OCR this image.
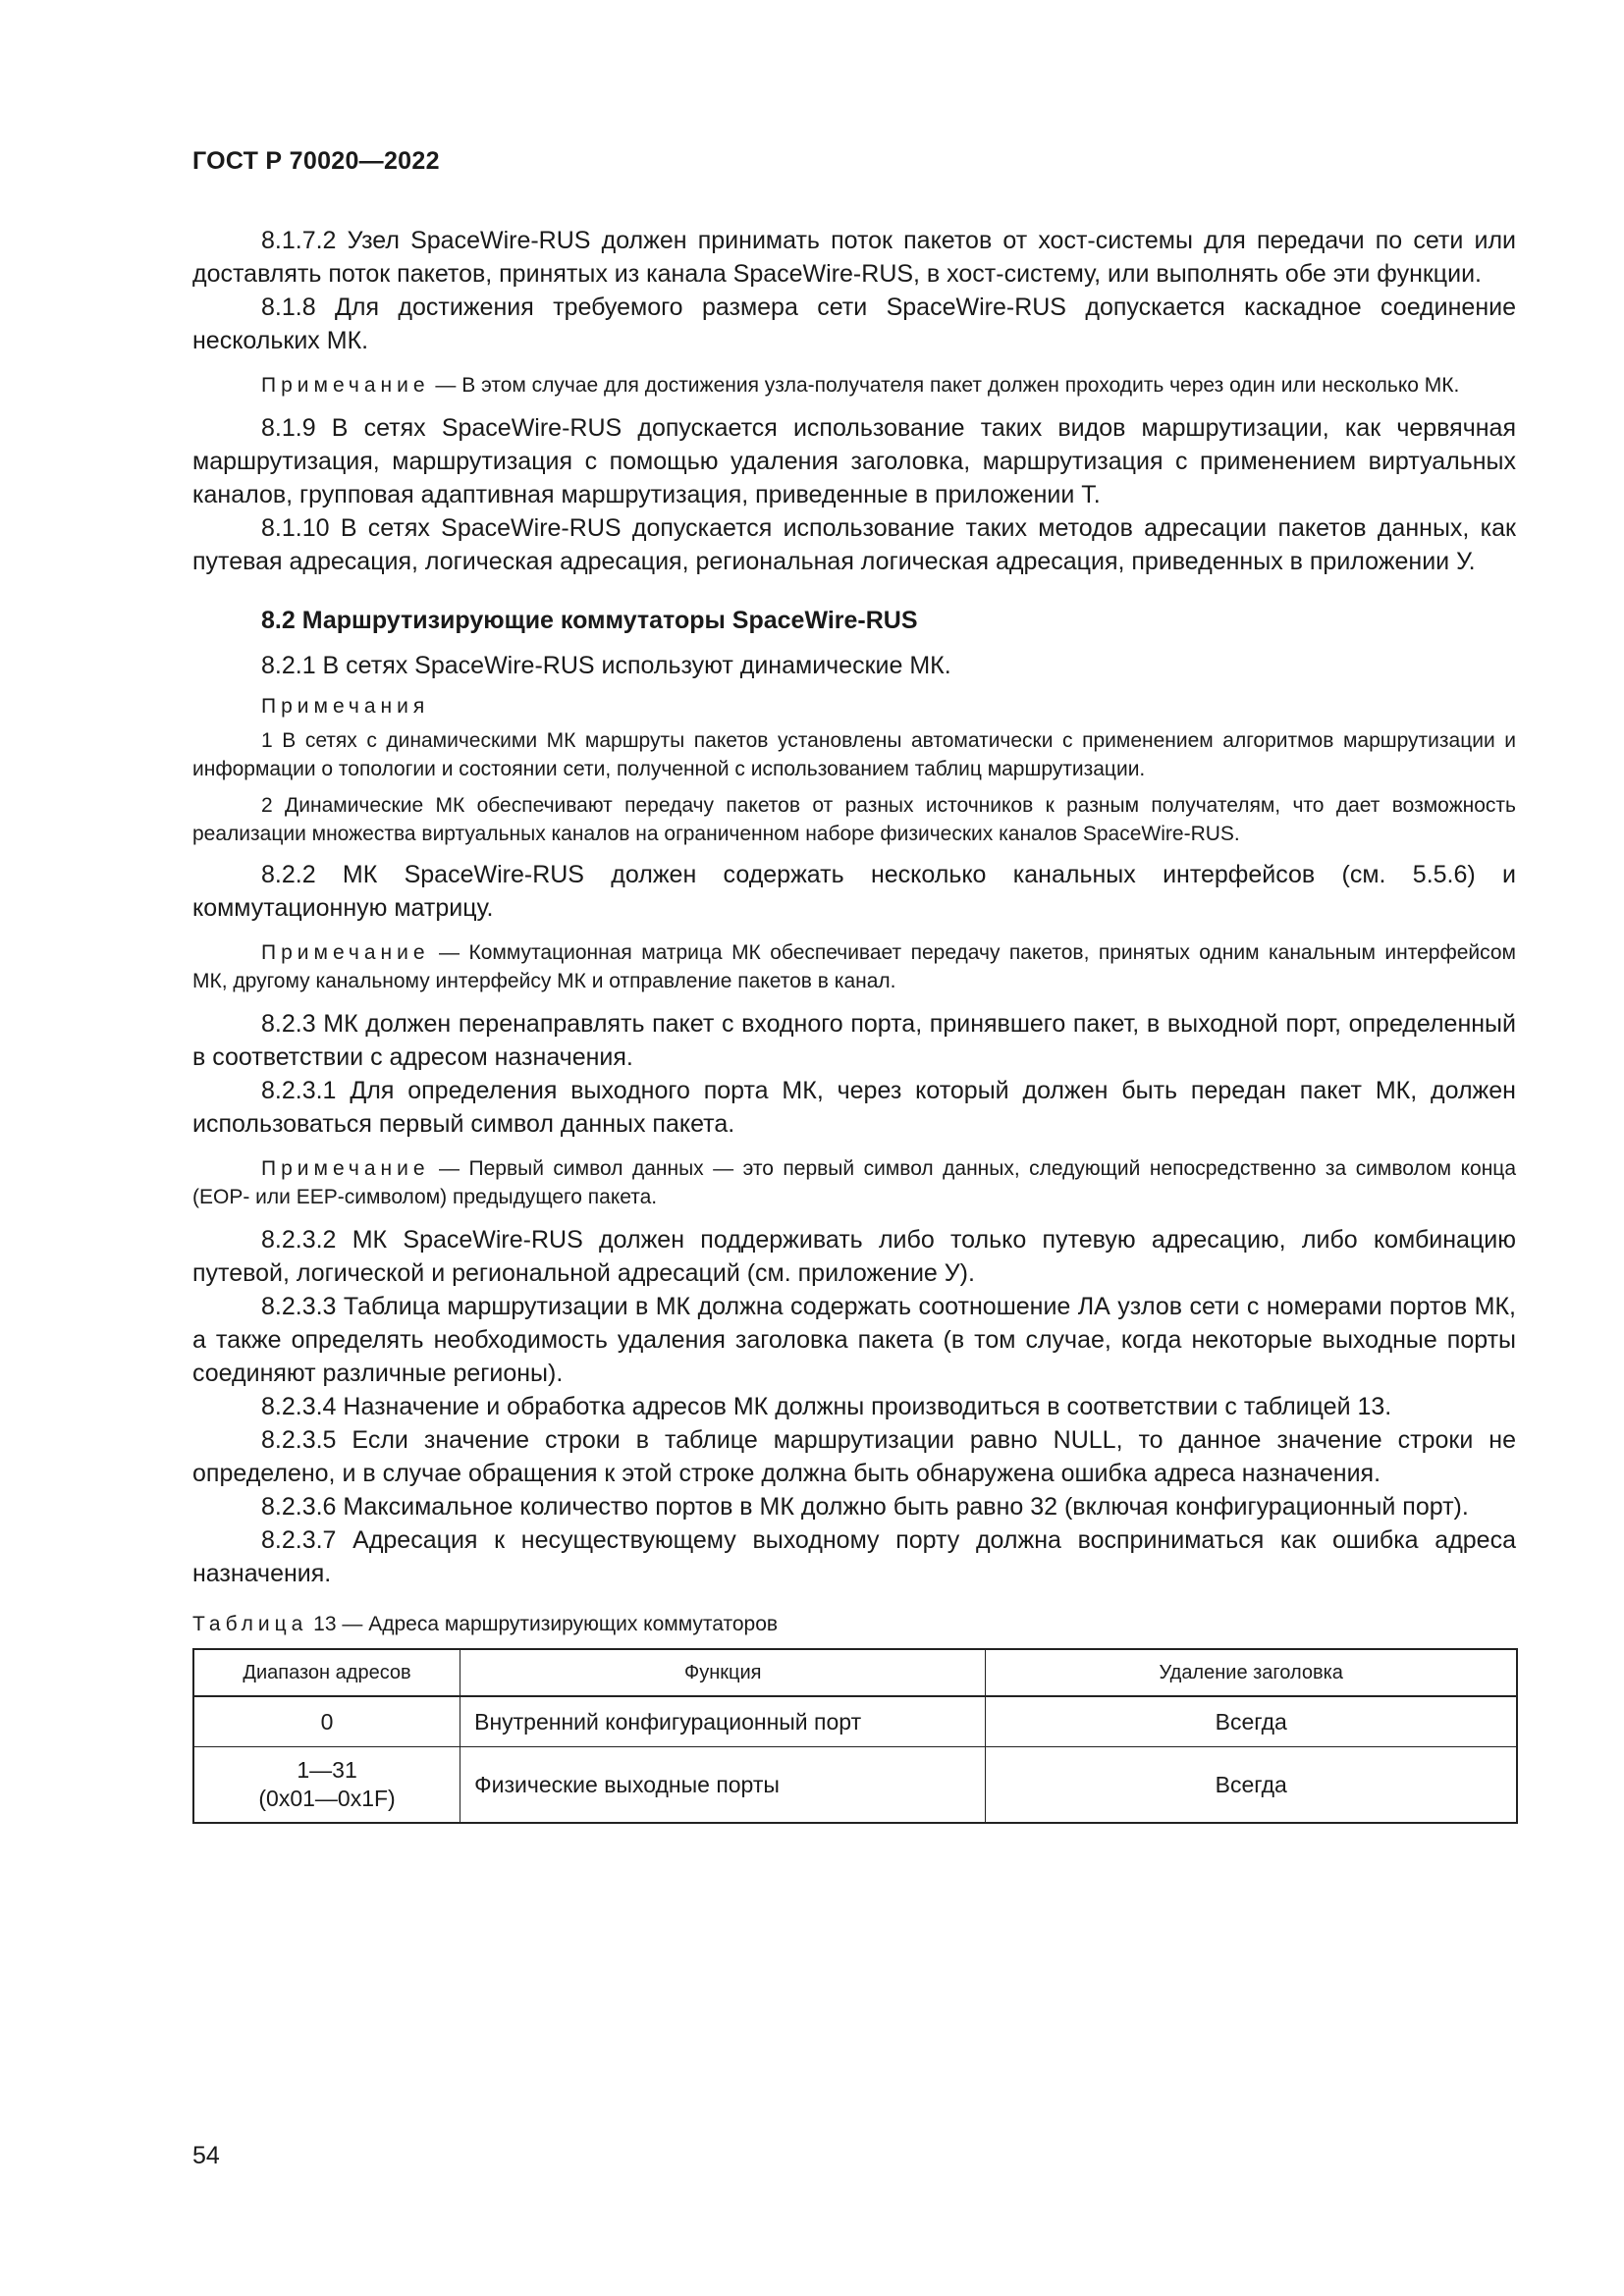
ГОСТ Р 70020—2022

8.1.7.2 Узел SpaceWire-RUS должен принимать поток пакетов от хост-системы для передачи по сети или доставлять поток пакетов, принятых из канала SpaceWire-RUS, в хост-систему, или выполнять обе эти функции.

8.1.8 Для достижения требуемого размера сети SpaceWire-RUS допускается каскадное соединение нескольких МК.

Примечание — В этом случае для достижения узла-получателя пакет должен проходить через один или несколько МК.

8.1.9 В сетях SpaceWire-RUS допускается использование таких видов маршрутизации, как червячная маршрутизация, маршрутизация с помощью удаления заголовка, маршрутизация с применением виртуальных каналов, групповая адаптивная маршрутизация, приведенные в приложении Т.

8.1.10 В сетях SpaceWire-RUS допускается использование таких методов адресации пакетов данных, как путевая адресация, логическая адресация, региональная логическая адресация, приведенных в приложении У.

8.2 Маршрутизирующие коммутаторы SpaceWire-RUS

8.2.1 В сетях SpaceWire-RUS используют динамические МК.

Примечания

1 В сетях с динамическими МК маршруты пакетов установлены автоматически с применением алгоритмов маршрутизации и информации о топологии и состоянии сети, полученной с использованием таблиц маршрутизации.

2 Динамические МК обеспечивают передачу пакетов от разных источников к разным получателям, что дает возможность реализации множества виртуальных каналов на ограниченном наборе физических каналов SpaceWire-RUS.

8.2.2 МК SpaceWire-RUS должен содержать несколько канальных интерфейсов (см. 5.5.6) и коммутационную матрицу.

Примечание — Коммутационная матрица МК обеспечивает передачу пакетов, принятых одним канальным интерфейсом МК, другому канальному интерфейсу МК и отправление пакетов в канал.

8.2.3 МК должен перенаправлять пакет с входного порта, принявшего пакет, в выходной порт, определенный в соответствии с адресом назначения.

8.2.3.1 Для определения выходного порта МК, через который должен быть передан пакет МК, должен использоваться первый символ данных пакета.

Примечание — Первый символ данных — это первый символ данных, следующий непосредственно за символом конца (ЕОР- или ЕЕР-символом) предыдущего пакета.

8.2.3.2 МК SpaceWire-RUS должен поддерживать либо только путевую адресацию, либо комбинацию путевой, логической и региональной адресаций (см. приложение У).

8.2.3.3 Таблица маршрутизации в МК должна содержать соотношение ЛА узлов сети с номерами портов МК, а также определять необходимость удаления заголовка пакета (в том случае, когда некоторые выходные порты соединяют различные регионы).

8.2.3.4 Назначение и обработка адресов МК должны производиться в соответствии с таблицей 13.

8.2.3.5 Если значение строки в таблице маршрутизации равно NULL, то данное значение строки не определено, и в случае обращения к этой строке должна быть обнаружена ошибка адреса назначения.

8.2.3.6 Максимальное количество портов в МК должно быть равно 32 (включая конфигурационный порт).

8.2.3.7 Адресация к несуществующему выходному порту должна восприниматься как ошибка адреса назначения.

Таблица 13 — Адреса маршрутизирующих коммутаторов

Диапазон адресов	Функция	Удаление заголовка
0	Внутренний конфигурационный порт	Всегда

1—31
(0x01—0x1F)	Физические выходные порты	Всегда
54
